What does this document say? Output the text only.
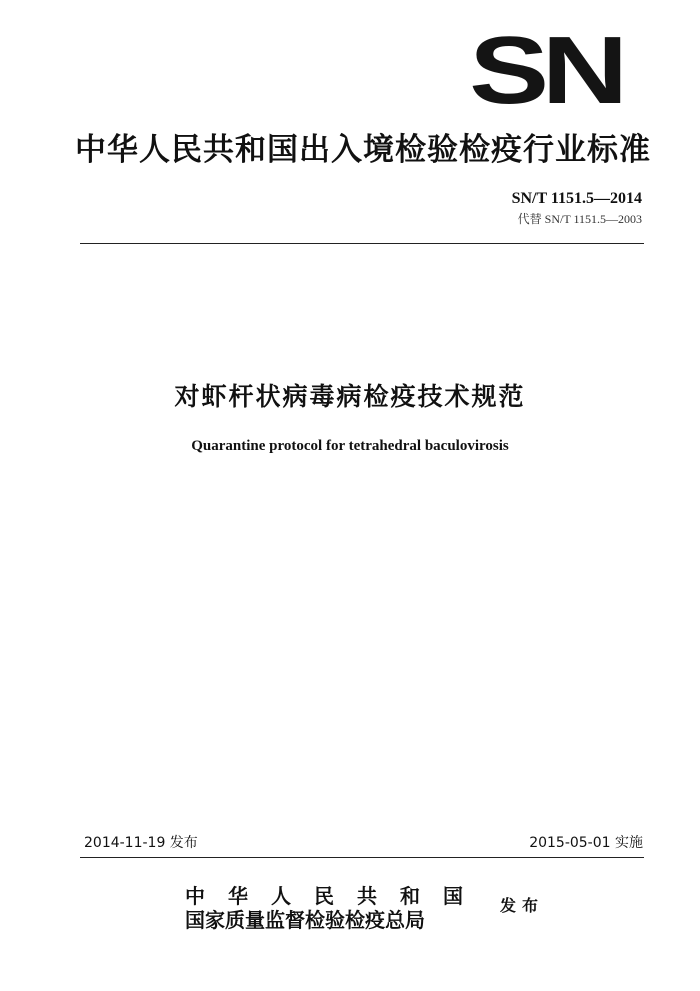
SN
中华人民共和国出入境检验检疫行业标准
SN/T 1151.5—2014
代替 SN/T 1151.5—2003
对虾杆状病毒病检疫技术规范
Quarantine protocol for tetrahedral baculovirosis
2014-11-19 发布	2015-05-01 实施
中华人民共和国
国家质量监督检验检疫总局
发布
